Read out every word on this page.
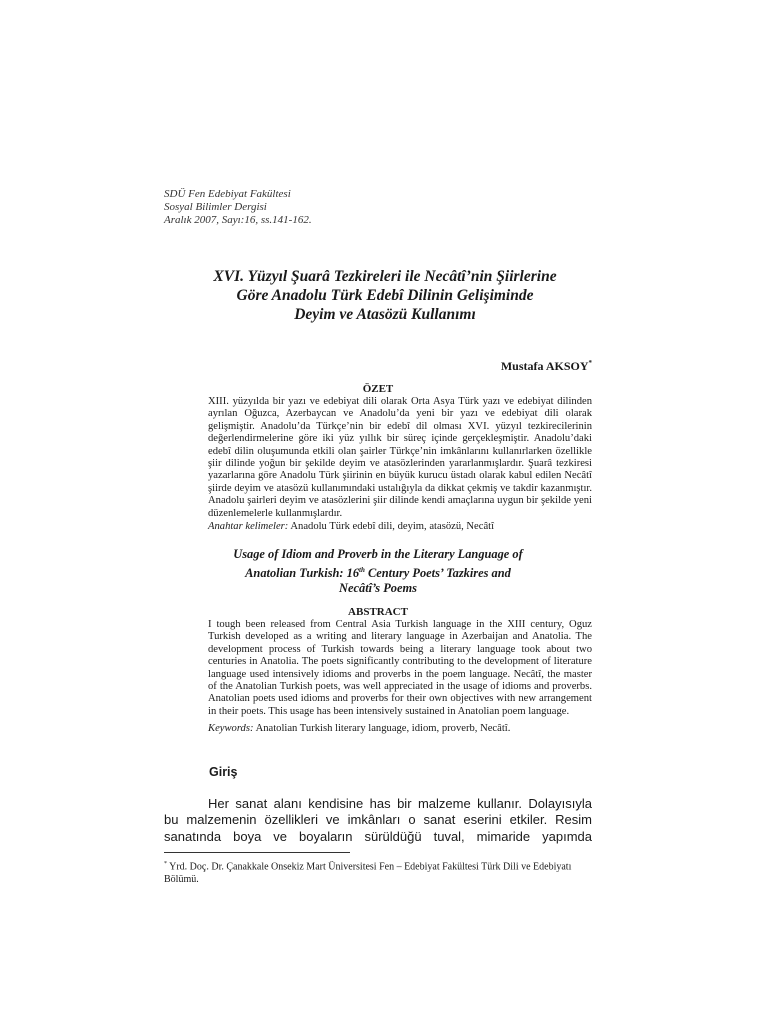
SDÜ Fen Edebiyat Fakültesi
Sosyal Bilimler Dergisi
Aralık 2007, Sayı:16, ss.141-162.
XVI. Yüzyıl Şuarâ Tezkireleri ile Necâtî’nin Şiirlerine
Göre Anadolu Türk Edebî Dilinin Gelişiminde
Deyim ve Atasözü Kullanımı
Mustafa AKSOY*
ÖZET
XIII. yüzyılda bir yazı ve edebiyat dili olarak Orta Asya Türk yazı ve edebiyat dilinden ayrılan Oğuzca, Azerbaycan ve Anadolu’da yeni bir yazı ve edebiyat dili olarak gelişmiştir. Anadolu’da Türkçe’nin bir edebî dil olması XVI. yüzyıl tezkirecilerinin değerlendirmelerine göre iki yüz yıllık bir süreç içinde gerçekleşmiştir. Anadolu’daki edebî dilin oluşumunda etkili olan şairler Türkçe’nin imkânlarını kullanırlarken özellikle şiir dilinde yoğun bir şekilde deyim ve atasözlerinden yararlanmışlardır. Şuarâ tezkiresi yazarlarına göre Anadolu Türk şiirinin en büyük kurucu üstadı olarak kabul edilen Necâtî şiirde deyim ve atasözü kullanımındaki ustalığıyla da dikkat çekmiş ve takdir kazanmıştır. Anadolu şairleri deyim ve atasözlerini şiir dilinde kendi amaçlarına uygun bir şekilde yeni düzenlemelerle kullanmışlardır.
Anahtar kelimeler: Anadolu Türk edebî dili, deyim, atasözü, Necâtî
Usage of Idiom and Proverb in the Literary Language of
Anatolian Turkish: 16th Century Poets’ Tazkires and
Necâtî’s Poems
ABSTRACT
I tough been released from Central Asia Turkish language in the XIII century, Oguz Turkish developed as a writing and literary language in Azerbaijan and Anatolia. The development process of Turkish towards being a literary language took about two centuries in Anatolia. The poets significantly contributing to the development of literature language used intensively idioms and proverbs in the poem language. Necâtî, the master of the Anatolian Turkish poets, was well appreciated in the usage of idioms and proverbs. Anatolian poets used idioms and proverbs for their own objectives with new arrangement in their poets. This usage has been intensively sustained in Anatolian poem language.
Keywords: Anatolian Turkish literary language, idiom, proverb, Necâtî.
Giriş
Her sanat alanı kendisine has bir malzeme kullanır. Dolayısıyla
bu malzemenin özellikleri ve imkânları o sanat eserini etkiler. Resim
sanatında boya ve boyaların sürüldüğü tuval, mimaride yapımda
* Yrd. Doç. Dr. Çanakkale Onsekiz Mart Üniversitesi Fen – Edebiyat Fakültesi Türk Dili ve Edebiyatı Bölümü.
